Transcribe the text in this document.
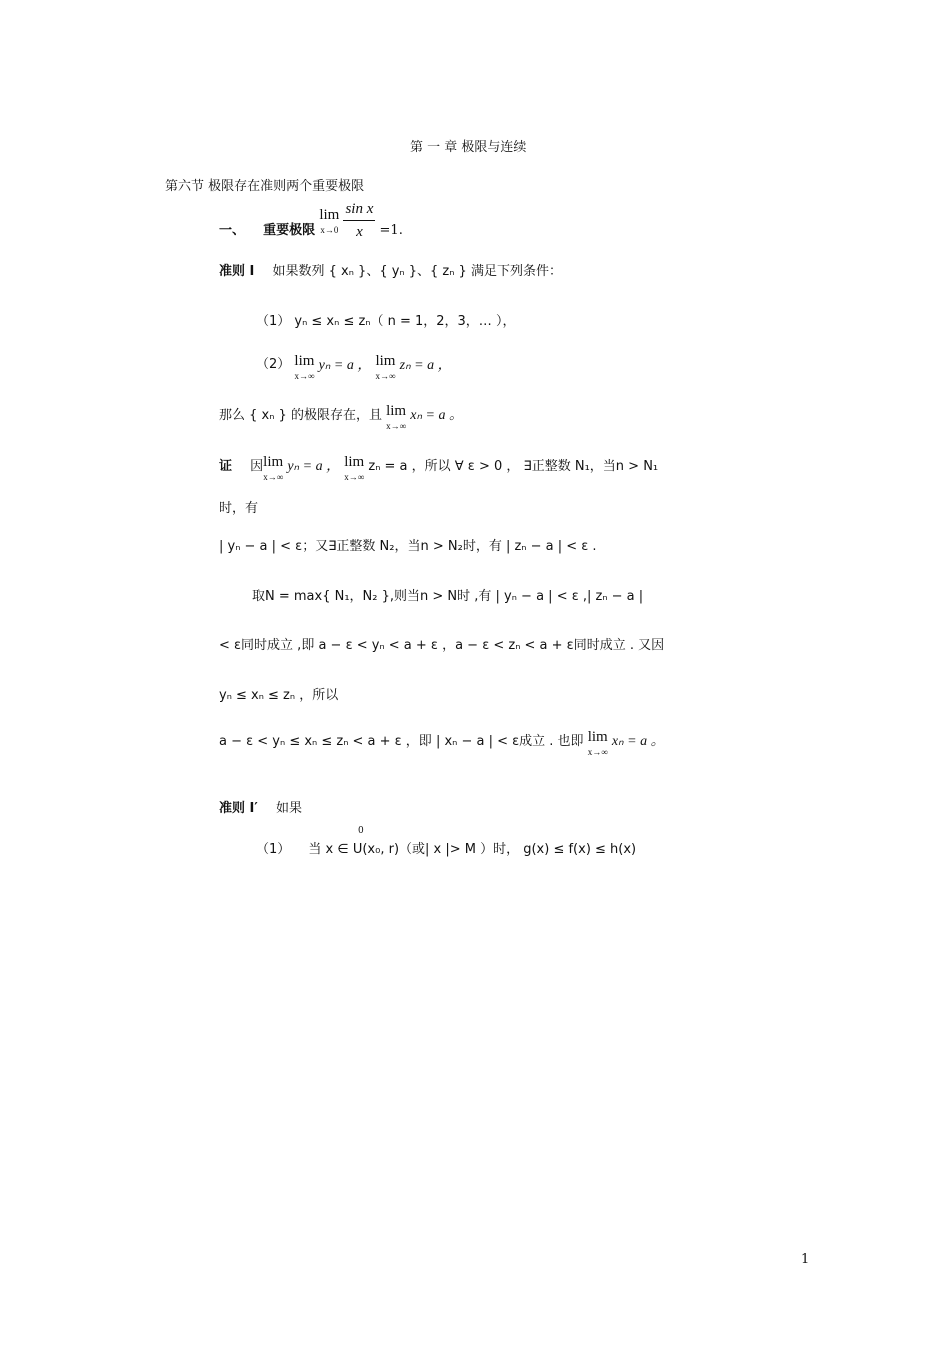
第 一 章 极限与连续
第六节 极限存在准则两个重要极限
一、 重要极限
lim
x→0
$\frac{\text{sin x}}{x} =1$.
准则 I 如果数列 { xₙ }、{ yₙ }、{ zₙ } 满足下列条件：
（1） yₙ ≤ xₙ ≤ zₙ（ n = 1，2，3，… ），
（2） lim
x→∞
yₙ = a ， lim
x→∞
zₙ = a ，
那么 { xₙ } 的极限存在，且 lim
x→∞
xₙ = a 。
证 因 lim
x→∞
yₙ = a ， lim
x→∞
zₙ = a ，所以 ∀ ε > 0 ， ∃正整数 N₁，当n > N₁
时，有
| yₙ − a | < ε；又∃正整数 N₂，当n > N₂时，有 | zₙ − a | < ε .
取N = max{ N₁，N₂ },则当n > N时 ,有 | yₙ − a | < ε ,| zₙ − a |
< ε同时成立 ,即 a − ε < yₙ < a + ε ，a − ε < zₙ < a + ε同时成立 . 又因
yₙ ≤ xₙ ≤ zₙ ，所以
a − ε < yₙ ≤ xₙ ≤ zₙ < a + ε ，即 | xₙ − a | < ε成立 . 也即 lim
x→∞
xₙ = a 。
准则 I′ 如果
（1） 当 x ∈ U(x₀, r)（或| x |> M ）时， g(x) ≤ f(x) ≤ h(x)
0
1
